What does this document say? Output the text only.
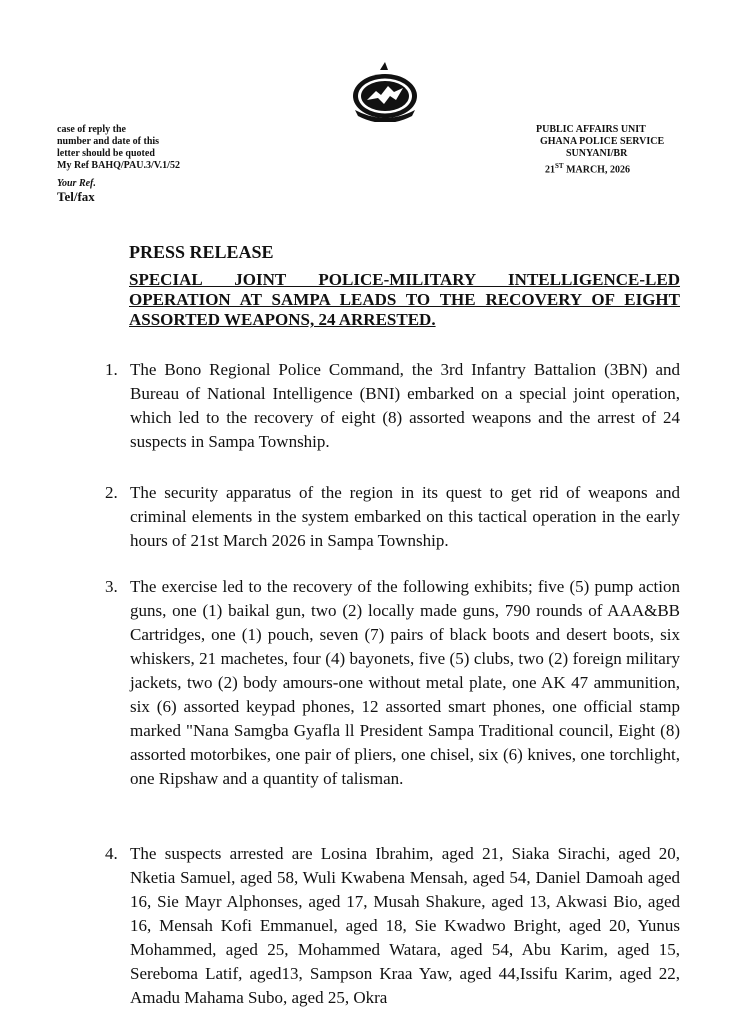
case of reply the
number and date of this
letter should be quoted
My Ref BAHQ/PAU.3/V.1/52
Your Ref.
Tel/fax
PUBLIC AFFAIRS UNIT
GHANA POLICE SERVICE
SUNYANI/BR
21ST MARCH, 2026
PRESS RELEASE
SPECIAL JOINT POLICE-MILITARY INTELLIGENCE-LED OPERATION AT SAMPA LEADS TO THE RECOVERY OF EIGHT ASSORTED WEAPONS, 24 ARRESTED.
1. The Bono Regional Police Command, the 3rd Infantry Battalion (3BN) and Bureau of National Intelligence (BNI) embarked on a special joint operation, which led to the recovery of eight (8) assorted weapons and the arrest of 24 suspects in Sampa Township.
2. The security apparatus of the region in its quest to get rid of weapons and criminal elements in the system embarked on this tactical operation in the early hours of 21st March 2026 in Sampa Township.
3. The exercise led to the recovery of the following exhibits; five (5) pump action guns, one (1) baikal gun, two (2) locally made guns, 790 rounds of AAA&BB Cartridges, one (1) pouch, seven (7) pairs of black boots and desert boots, six whiskers, 21 machetes, four (4) bayonets, five (5) clubs, two (2) foreign military jackets, two (2) body amours-one without metal plate, one AK 47 ammunition, six (6) assorted keypad phones, 12 assorted smart phones, one official stamp marked "Nana Samgba Gyafla ll President Sampa Traditional council, Eight (8) assorted motorbikes, one pair of pliers, one chisel, six (6) knives, one torchlight, one Ripshaw and a quantity of talisman.
4. The suspects arrested are Losina Ibrahim, aged 21, Siaka Sirachi, aged 20, Nketia Samuel, aged 58, Wuli Kwabena Mensah, aged 54, Daniel Damoah aged 16, Sie Mayr Alphonses, aged 17, Musah Shakure, aged 13, Akwasi Bio, aged 16, Mensah Kofi Emmanuel, aged 18, Sie Kwadwo Bright, aged 20, Yunus Mohammed, aged 25, Mohammed Watara, aged 54, Abu Karim, aged 15, Sereboma Latif, aged13, Sampson Kraa Yaw, aged 44,Issifu Karim, aged 22, Amadu Mahama Subo, aged 25, Okra
